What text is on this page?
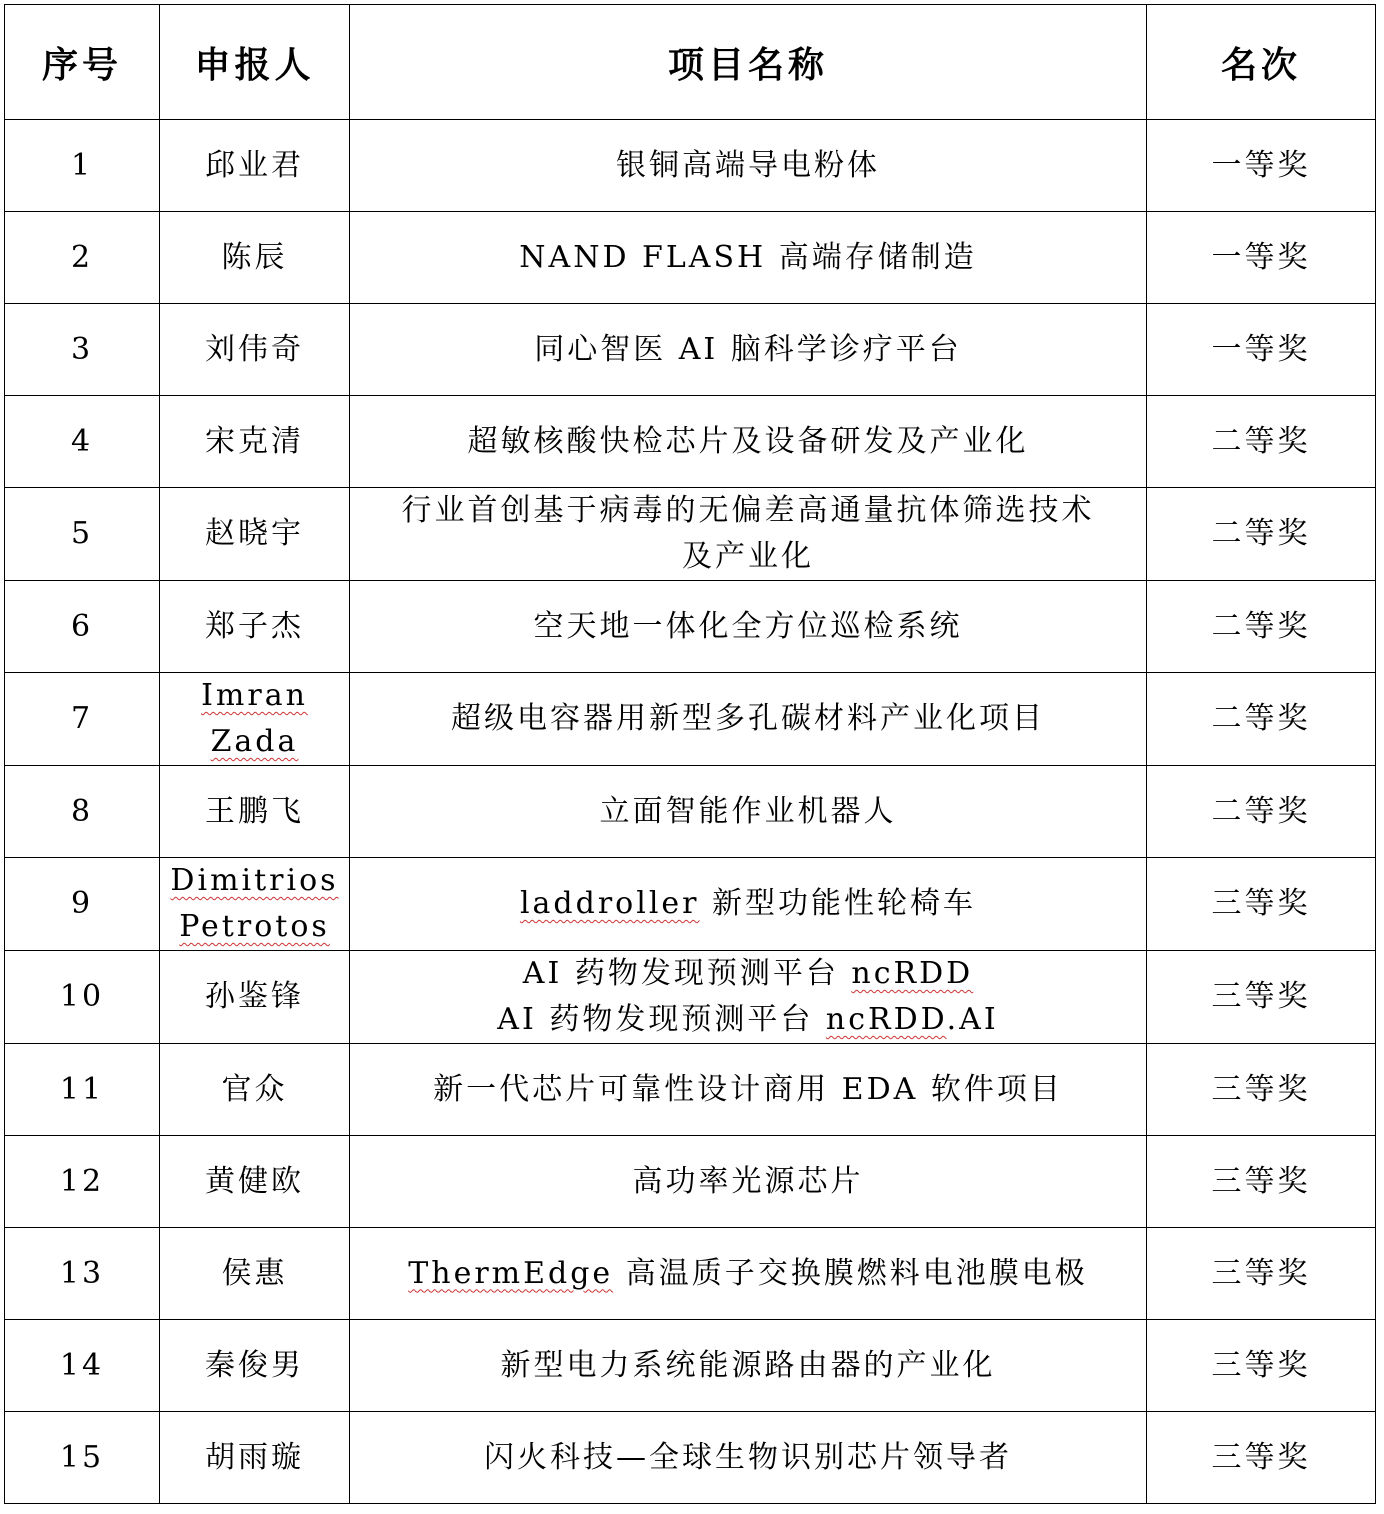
序号	申报人	项目名称	名次
1	邱业君	银铜高端导电粉体	一等奖
2	陈辰	NAND FLASH 高端存储制造	一等奖
3	刘伟奇	同心智医 AI 脑科学诊疗平台	一等奖
4	宋克清	超敏核酸快检芯片及设备研发及产业化	二等奖
5	赵晓宇	行业首创基于病毒的无偏差高通量抗体筛选技术
及产业化	二等奖
6	郑子杰	空天地一体化全方位巡检系统	二等奖
7	Imran
Zada	超级电容器用新型多孔碳材料产业化项目	二等奖
8	王鹏飞	立面智能作业机器人	二等奖
9	Dimitrios
Petrotos	laddroller 新型功能性轮椅车	三等奖
10	孙鉴锋	AI 药物发现预测平台 ncRDD
AI 药物发现预测平台 ncRDD.AI	三等奖
11	官众	新一代芯片可靠性设计商用 EDA 软件项目	三等奖
12	黄健欧	高功率光源芯片	三等奖
13	侯惠	ThermEdge 高温质子交换膜燃料电池膜电极	三等奖
14	秦俊男	新型电力系统能源路由器的产业化	三等奖
15	胡雨璇	闪火科技—全球生物识别芯片领导者	三等奖
